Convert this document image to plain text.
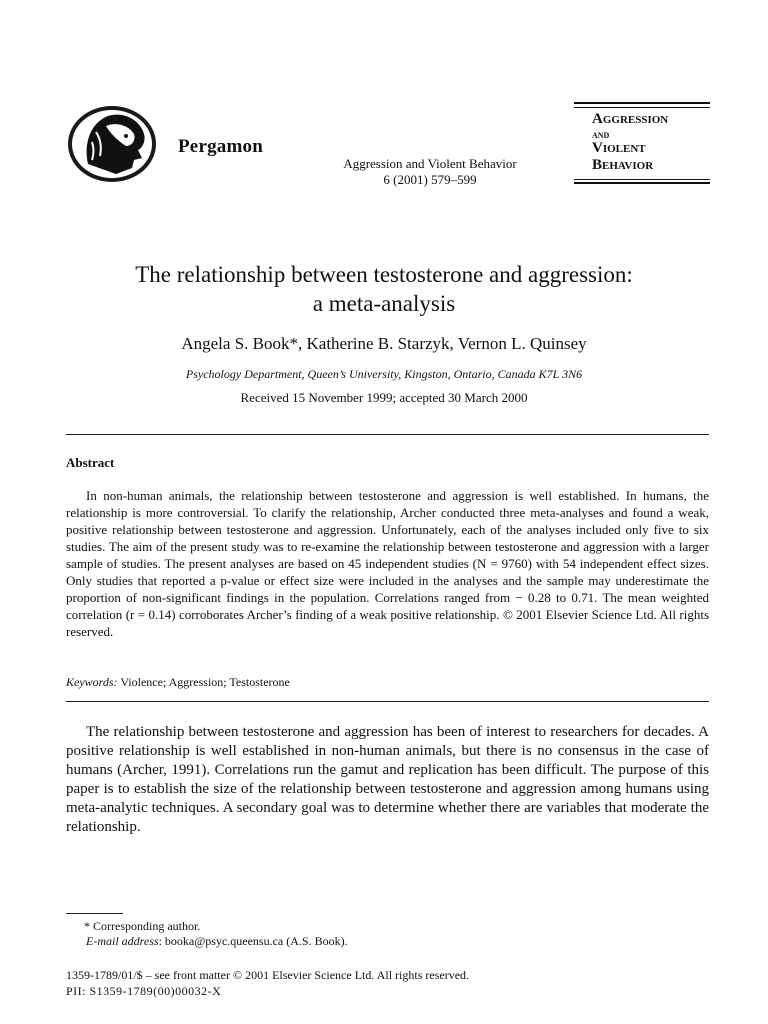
Pergamon
Aggression and Violent Behavior
6 (2001) 579–599
Aggression
and
Violent
Behavior
The relationship between testosterone and aggression:
a meta-analysis
Angela S. Book*, Katherine B. Starzyk, Vernon L. Quinsey
Psychology Department, Queen’s University, Kingston, Ontario, Canada K7L 3N6
Received 15 November 1999; accepted 30 March 2000
Abstract
In non-human animals, the relationship between testosterone and aggression is well established. In humans, the relationship is more controversial. To clarify the relationship, Archer conducted three meta-analyses and found a weak, positive relationship between testosterone and aggression. Unfortunately, each of the analyses included only five to six studies. The aim of the present study was to re-examine the relationship between testosterone and aggression with a larger sample of studies. The present analyses are based on 45 independent studies (N = 9760) with 54 independent effect sizes. Only studies that reported a p-value or effect size were included in the analyses and the sample may underestimate the proportion of non-significant findings in the population. Correlations ranged from − 0.28 to 0.71. The mean weighted correlation (r = 0.14) corroborates Archer’s finding of a weak positive relationship. © 2001 Elsevier Science Ltd. All rights reserved.
Keywords: Violence; Aggression; Testosterone
The relationship between testosterone and aggression has been of interest to researchers for decades. A positive relationship is well established in non-human animals, but there is no consensus in the case of humans (Archer, 1991). Correlations run the gamut and replication has been difficult. The purpose of this paper is to establish the size of the relationship between testosterone and aggression among humans using meta-analytic techniques. A secondary goal was to determine whether there are variables that moderate the relationship.
* Corresponding author.
E-mail address: booka@psyc.queensu.ca (A.S. Book).
1359-1789/01/$ – see front matter © 2001 Elsevier Science Ltd. All rights reserved.
PII: S1359-1789(00)00032-X
